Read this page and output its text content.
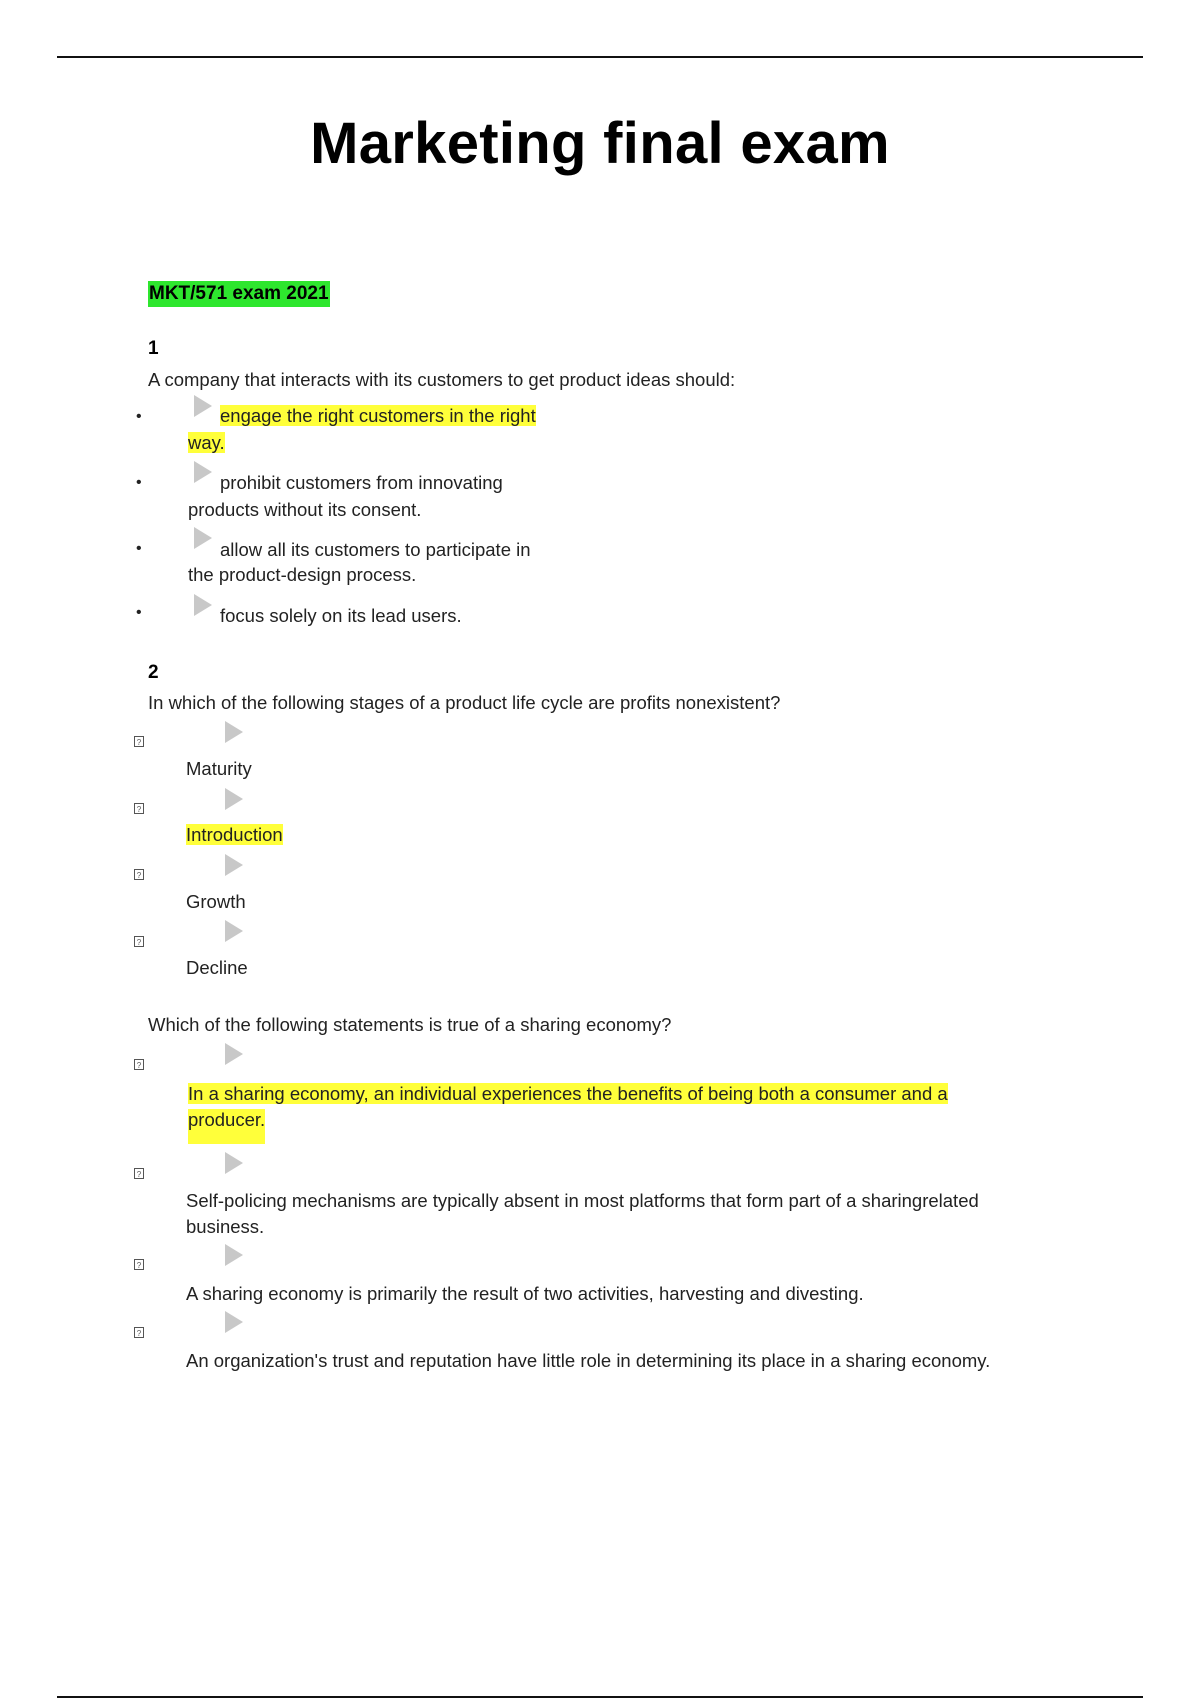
Marketing final exam
MKT/571 exam 2021
1
A company that interacts with its customers to get product ideas should:
•	engage the right customers in the right
way.
•	prohibit customers from innovating
products without its consent.
•	allow all its customers to participate in
the product-design process.
•	focus solely on its lead users.
2
In which of the following stages of a product life cycle are profits nonexistent?
?
Maturity
?
Introduction
?
Growth
?
Decline
Which of the following statements is true of a sharing economy?
?
In a sharing economy, an individual experiences the benefits of being both a consumer and a
producer.
?
Self-policing mechanisms are typically absent in most platforms that form part of a sharingrelated
business.
?
A sharing economy is primarily the result of two activities, harvesting and divesting.
?
An organization's trust and reputation have little role in determining its place in a sharing economy.
